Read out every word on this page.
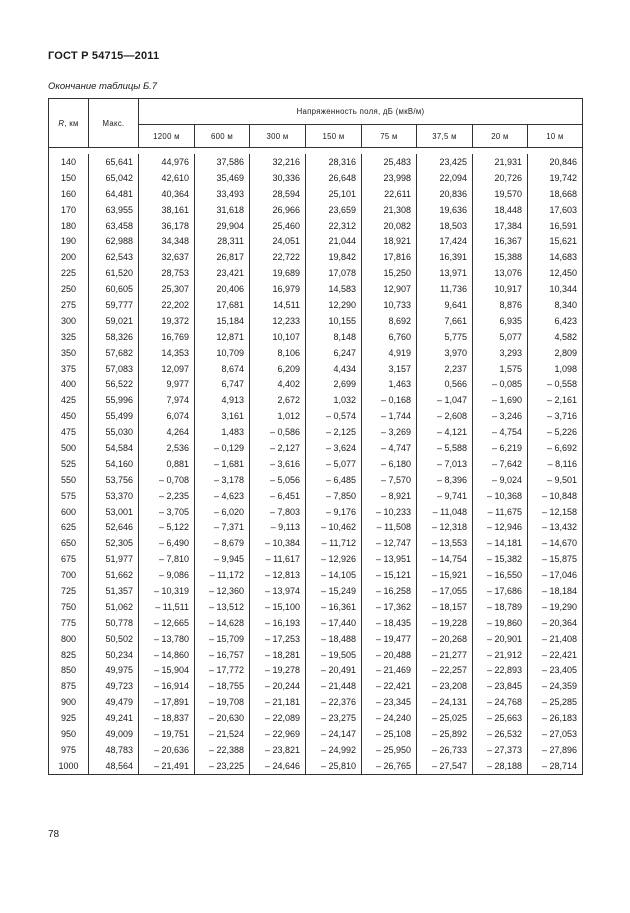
ГОСТ Р 54715—2011
Окончание таблицы Б.7
R, км	Макс.	Напряженность поля, дБ (мкВ/м)							
		1200 м	600 м	300 м	150 м	75 м	37,5 м	20 м	10 м

140	65,641	44,976	37,586	32,216	28,316	25,483	23,425	21,931	20,846
150	65,042	42,610	35,469	30,336	26,648	23,998	22,094	20,726	19,742
160	64,481	40,364	33,493	28,594	25,101	22,611	20,836	19,570	18,668
170	63,955	38,161	31,618	26,966	23,659	21,308	19,636	18,448	17,603
180	63,458	36,178	29,904	25,460	22,312	20,082	18,503	17,384	16,591
190	62,988	34,348	28,311	24,051	21,044	18,921	17,424	16,367	15,621
200	62,543	32,637	26,817	22,722	19,842	17,816	16,391	15,388	14,683
225	61,520	28,753	23,421	19,689	17,078	15,250	13,971	13,076	12,450
250	60,605	25,307	20,406	16,979	14,583	12,907	11,736	10,917	10,344
275	59,777	22,202	17,681	14,511	12,290	10,733	9,641	8,876	8,340
300	59,021	19,372	15,184	12,233	10,155	8,692	7,661	6,935	6,423
325	58,326	16,769	12,871	10,107	8,148	6,760	5,775	5,077	4,582
350	57,682	14,353	10,709	8,106	6,247	4,919	3,970	3,293	2,809
375	57,083	12,097	8,674	6,209	4,434	3,157	2,237	1,575	1,098
400	56,522	9,977	6,747	4,402	2,699	1,463	0,566	– 0,085	– 0,558
425	55,996	7,974	4,913	2,672	1,032	– 0,168	– 1,047	– 1,690	– 2,161
450	55,499	6,074	3,161	1,012	– 0,574	– 1,744	– 2,608	– 3,246	– 3,716
475	55,030	4,264	1,483	– 0,586	– 2,125	– 3,269	– 4,121	– 4,754	– 5,226
500	54,584	2,536	– 0,129	– 2,127	– 3,624	– 4,747	– 5,588	– 6,219	– 6,692
525	54,160	0,881	– 1,681	– 3,616	– 5,077	– 6,180	– 7,013	– 7,642	– 8,116
550	53,756	– 0,708	– 3,178	– 5,056	– 6,485	– 7,570	– 8,396	– 9,024	– 9,501
575	53,370	– 2,235	– 4,623	– 6,451	– 7,850	– 8,921	– 9,741	– 10,368	– 10,848
600	53,001	– 3,705	– 6,020	– 7,803	– 9,176	– 10,233	– 11,048	– 11,675	– 12,158
625	52,646	– 5,122	– 7,371	– 9,113	– 10,462	– 11,508	– 12,318	– 12,946	– 13,432
650	52,305	– 6,490	– 8,679	– 10,384	– 11,712	– 12,747	– 13,553	– 14,181	– 14,670
675	51,977	– 7,810	– 9,945	– 11,617	– 12,926	– 13,951	– 14,754	– 15,382	– 15,875
700	51,662	– 9,086	– 11,172	– 12,813	– 14,105	– 15,121	– 15,921	– 16,550	– 17,046
725	51,357	– 10,319	– 12,360	– 13,974	– 15,249	– 16,258	– 17,055	– 17,686	– 18,184
750	51,062	– 11,511	– 13,512	– 15,100	– 16,361	– 17,362	– 18,157	– 18,789	– 19,290
775	50,778	– 12,665	– 14,628	– 16,193	– 17,440	– 18,435	– 19,228	– 19,860	– 20,364
800	50,502	– 13,780	– 15,709	– 17,253	– 18,488	– 19,477	– 20,268	– 20,901	– 21,408
825	50,234	– 14,860	– 16,757	– 18,281	– 19,505	– 20,488	– 21,277	– 21,912	– 22,421
850	49,975	– 15,904	– 17,772	– 19,278	– 20,491	– 21,469	– 22,257	– 22,893	– 23,405
875	49,723	– 16,914	– 18,755	– 20,244	– 21,448	– 22,421	– 23,208	– 23,845	– 24,359
900	49,479	– 17,891	– 19,708	– 21,181	– 22,376	– 23,345	– 24,131	– 24,768	– 25,285
925	49,241	– 18,837	– 20,630	– 22,089	– 23,275	– 24,240	– 25,025	– 25,663	– 26,183
950	49,009	– 19,751	– 21,524	– 22,969	– 24,147	– 25,108	– 25,892	– 26,532	– 27,053
975	48,783	– 20,636	– 22,388	– 23,821	– 24,992	– 25,950	– 26,733	– 27,373	– 27,896
1000	48,564	– 21,491	– 23,225	– 24,646	– 25,810	– 26,765	– 27,547	– 28,188	– 28,714
78
